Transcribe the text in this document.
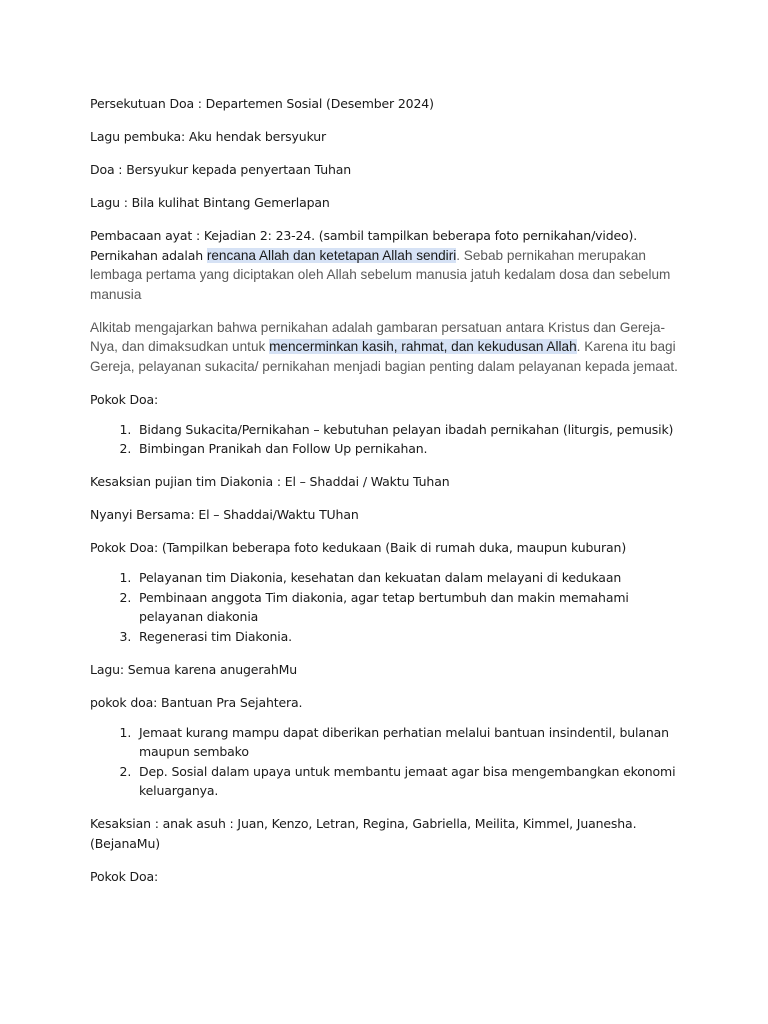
Persekutuan Doa : Departemen Sosial (Desember 2024)

Lagu pembuka: Aku hendak bersyukur

Doa : Bersyukur kepada penyertaan Tuhan

Lagu : Bila kulihat Bintang Gemerlapan

Pembacaan ayat : Kejadian 2: 23-24. (sambil tampilkan beberapa foto pernikahan/video). Pernikahan adalah rencana Allah dan ketetapan Allah sendiri. Sebab pernikahan merupakan lembaga pertama yang diciptakan oleh Allah sebelum manusia jatuh kedalam dosa dan sebelum manusia

Alkitab mengajarkan bahwa pernikahan adalah gambaran persatuan antara Kristus dan Gereja-Nya, dan dimaksudkan untuk mencerminkan kasih, rahmat, dan kekudusan Allah. Karena itu bagi Gereja, pelayanan sukacita/ pernikahan menjadi bagian penting dalam pelayanan kepada jemaat.

Pokok Doa:

1. Bidang Sukacita/Pernikahan – kebutuhan pelayan ibadah pernikahan (liturgis, pemusik)
2. Bimbingan Pranikah dan Follow Up pernikahan.

Kesaksian pujian tim Diakonia : El – Shaddai / Waktu Tuhan

Nyanyi Bersama: El – Shaddai/Waktu TUhan

Pokok Doa: (Tampilkan beberapa foto kedukaan (Baik di rumah duka, maupun kuburan)

1. Pelayanan tim Diakonia, kesehatan dan kekuatan dalam melayani di kedukaan
2. Pembinaan anggota Tim diakonia, agar tetap bertumbuh dan makin memahami pelayanan diakonia
3. Regenerasi tim Diakonia.

Lagu: Semua karena anugerahMu

pokok doa: Bantuan Pra Sejahtera.

1. Jemaat kurang mampu dapat diberikan perhatian melalui bantuan insindentil, bulanan maupun sembako
2. Dep. Sosial dalam upaya untuk membantu jemaat agar bisa mengembangkan ekonomi keluarganya.

Kesaksian : anak asuh : Juan, Kenzo, Letran, Regina, Gabriella, Meilita, Kimmel, Juanesha. (BejanaMu)

Pokok Doa:
